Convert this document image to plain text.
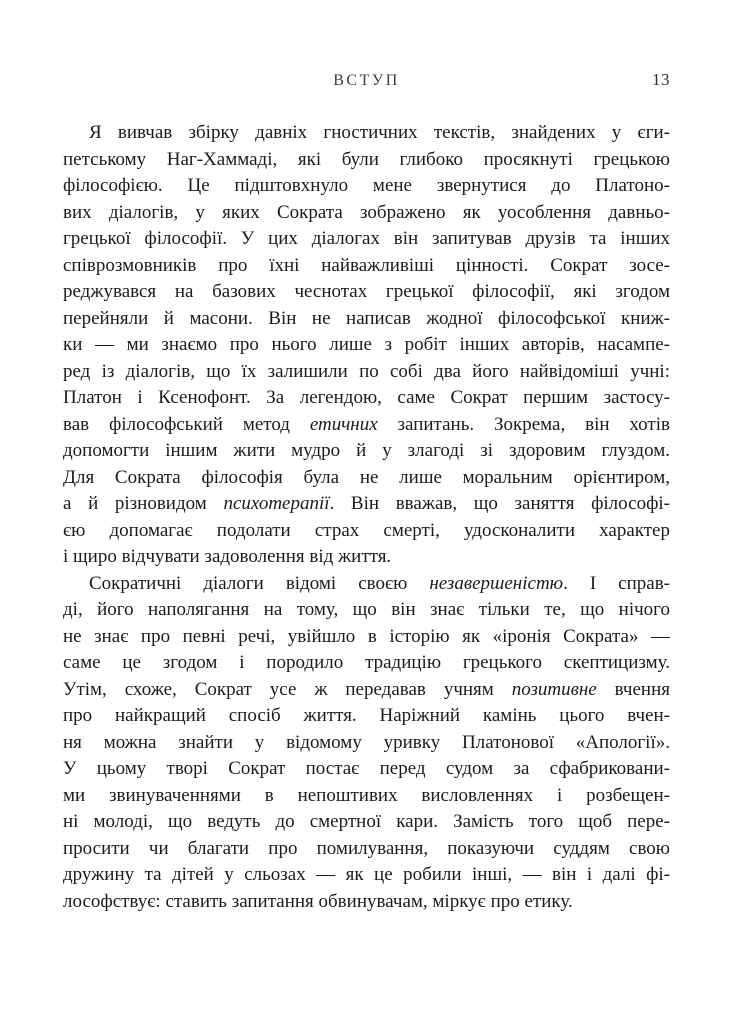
ВСТУП	13
Я вивчав збірку давніх гностичних текстів, знайдених у єги-
петському Наг-Хаммаді, які були глибоко просякнуті грецькою
філософією. Це підштовхнуло мене звернутися до Платоно-
вих діалогів, у яких Сократа зображено як уособлення давньо-
грецької філософії. У цих діалогах він запитував друзів та інших
співрозмовників про їхні найважливіші цінності. Сократ зосе-
реджувався на базових чеснотах грецької філософії, які згодом
перейняли й масони. Він не написав жодної філософської книж-
ки — ми знаємо про нього лише з робіт інших авторів, насампе-
ред із діалогів, що їх залишили по собі два його найвідоміші учні:
Платон і Ксенофонт. За легендою, саме Сократ першим застосу-
вав філософський метод етичних запитань. Зокрема, він хотів
допомогти іншим жити мудро й у злагоді зі здоровим глуздом.
Для Сократа філософія була не лише моральним орієнтиром,
а й різновидом психотерапії. Він вважав, що заняття філософі-
єю допомагає подолати страх смерті, удосконалити характер
і щиро відчувати задоволення від життя.
Сократичні діалоги відомі своєю незавершеністю. І справ-
ді, його наполягання на тому, що він знає тільки те, що нічого
не знає про певні речі, увійшло в історію як «іронія Сократа» —
саме це згодом і породило традицію грецького скептицизму.
Утім, схоже, Сократ усе ж передавав учням позитивне вчення
про найкращий спосіб життя. Наріжний камінь цього вчен-
ня можна знайти у відомому уривку Платонової «Апології».
У цьому творі Сократ постає перед судом за сфабриковани-
ми звинуваченнями в непоштивих висловленнях і розбещен-
ні молоді, що ведуть до смертної кари. Замість того щоб пере-
просити чи благати про помилування, показуючи суддям свою
дружину та дітей у сльозах — як це робили інші, — він і далі фі-
лософствує: ставить запитання обвинувачам, міркує про етику.
